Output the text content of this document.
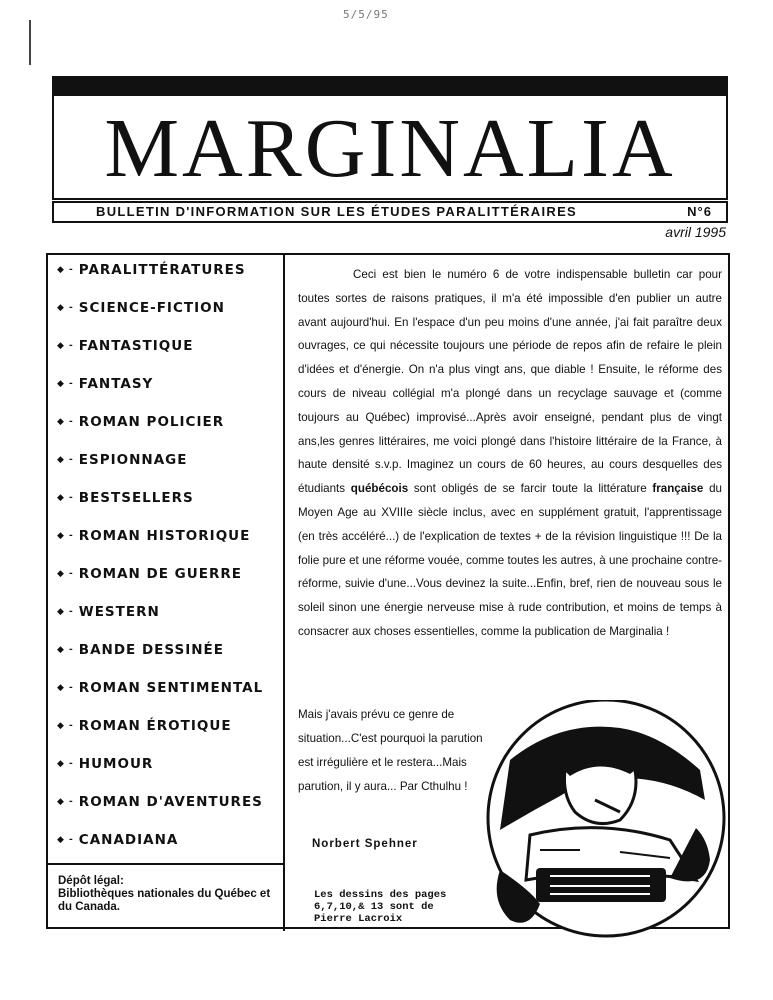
5/5/95
MARGINALIA
BULLETIN D'INFORMATION SUR LES ÉTUDES PARALITTÉRAIRES	N°6
avril 1995
◆ - PARALITTÉRATURES
◆ - SCIENCE-FICTION
◆ - FANTASTIQUE
◆ - FANTASY
◆ - ROMAN POLICIER
◆ - ESPIONNAGE
◆ - BESTSELLERS
◆ - ROMAN HISTORIQUE
◆ - ROMAN DE GUERRE
◆ - WESTERN
◆ - BANDE DESSINÉE
◆ - ROMAN SENTIMENTAL
◆ - ROMAN ÉROTIQUE
◆ - HUMOUR
◆ - ROMAN D'AVENTURES
◆ - CANADIANA
Dépôt légal:
Bibliothèques nationales du Québec et du Canada.

Ceci est bien le numéro 6 de votre indispensable bulletin car pour toutes sortes de raisons pratiques, il m'a été impossible d'en publier un autre avant aujourd'hui. En l'espace d'un peu moins d'une année, j'ai fait paraître deux ouvrages, ce qui nécessite toujours une période de repos afin de refaire le plein d'idées et d'énergie. On n'a plus vingt ans, que diable ! Ensuite, le réforme des cours de niveau collégial m'a plongé dans un recyclage sauvage et (comme toujours au Québec) improvisé...Après avoir enseigné, pendant plus de vingt ans,les genres littéraires, me voici plongé dans l'histoire littéraire de la France, à haute densité s.v.p. Imaginez un cours de 60 heures, au cours desquelles des étudiants québécois sont obligés de se farcir toute la littérature française du Moyen Age au XVIIIe siècle inclus, avec en supplément gratuit, l'apprentissage (en très accéléré...) de l'explication de textes + de la révision linguistique !!! De la folie pure et une réforme vouée, comme toutes les autres, à une prochaine contre-réforme, suivie d'une...Vous devinez la suite...Enfin, bref, rien de nouveau sous le soleil sinon une énergie nerveuse mise à rude contribution, et moins de temps à consacrer aux choses essentielles, comme la publication de Marginalia !

Mais j'avais prévu ce genre de situation...C'est pourquoi la parution est irrégulière et le restera...Mais parution, il y aura... Par Cthulhu !

Norbert Spehner
Les dessins des pages 6,7,10,& 13 sont de Pierre Lacroix
